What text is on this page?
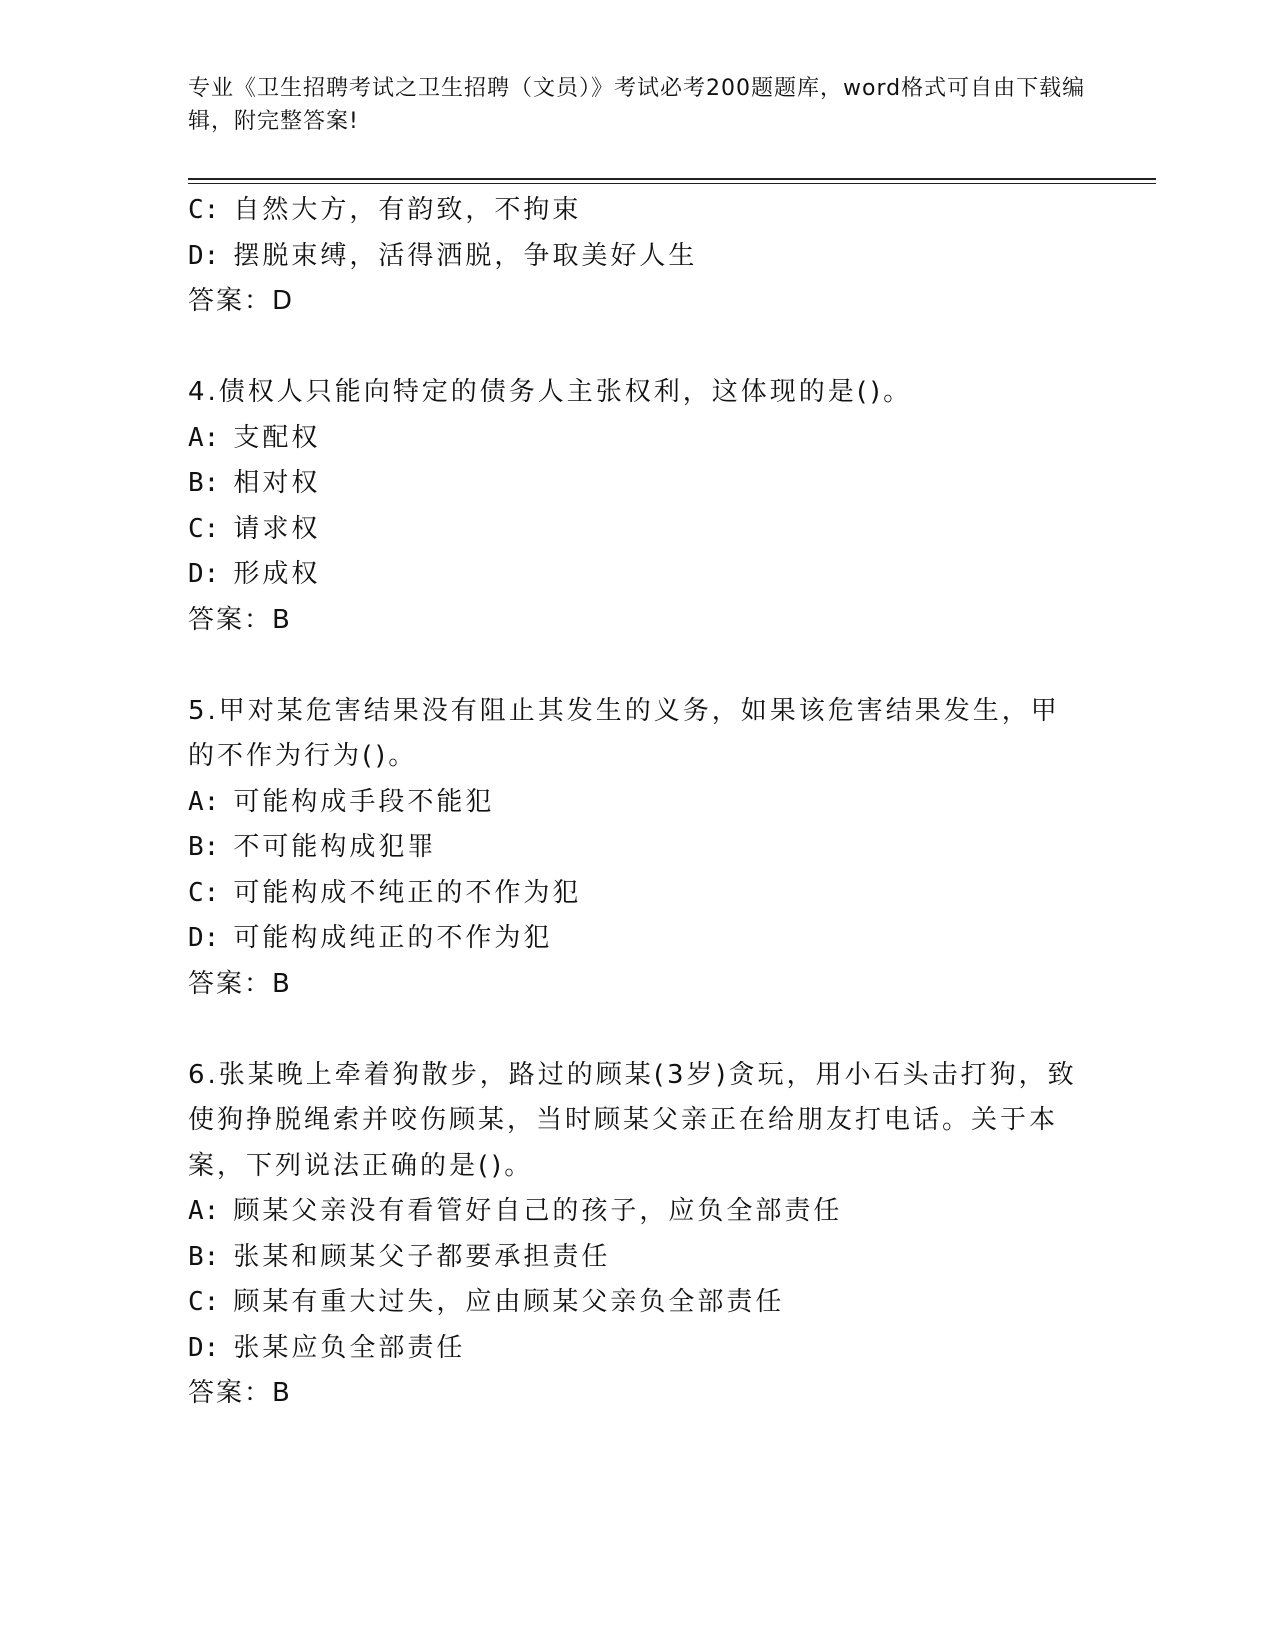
专业《卫生招聘考试之卫生招聘（文员）》考试必考200题题库，word格式可自由下载编辑，附完整答案!
C: 自然大方，有韵致，不拘束
D: 摆脱束缚，活得洒脱，争取美好人生
答案：D
4.债权人只能向特定的债务人主张权利，这体现的是()。
A: 支配权
B: 相对权
C: 请求权
D: 形成权
答案：B
5.甲对某危害结果没有阻止其发生的义务，如果该危害结果发生，甲的不作为行为()。
A: 可能构成手段不能犯
B: 不可能构成犯罪
C: 可能构成不纯正的不作为犯
D: 可能构成纯正的不作为犯
答案：B
6.张某晚上牵着狗散步，路过的顾某(3岁)贪玩，用小石头击打狗，致使狗挣脱绳索并咬伤顾某，当时顾某父亲正在给朋友打电话。关于本案，下列说法正确的是()。
A: 顾某父亲没有看管好自己的孩子，应负全部责任
B: 张某和顾某父子都要承担责任
C: 顾某有重大过失，应由顾某父亲负全部责任
D: 张某应负全部责任
答案：B
